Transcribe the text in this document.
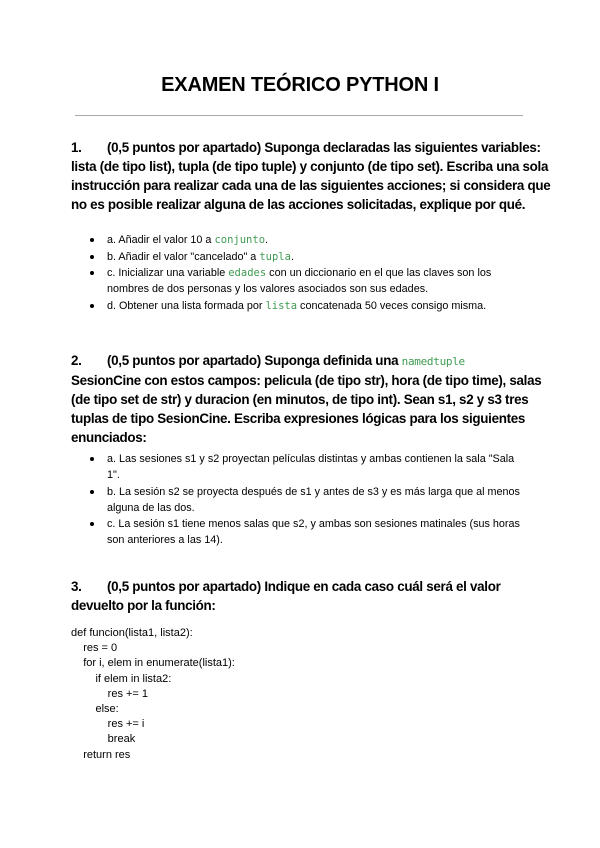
EXAMEN TEÓRICO PYTHON I
1. (0,5 puntos por apartado) Suponga declaradas las siguientes variables:
lista (de tipo list), tupla (de tipo tuple) y conjunto (de tipo set). Escriba una sola
instrucción para realizar cada una de las siguientes acciones; si considera que
no es posible realizar alguna de las acciones solicitadas, explique por qué.
a. Añadir el valor 10 a conjunto.
b. Añadir el valor "cancelado" a tupla.
c. Inicializar una variable edades con un diccionario en el que las claves son los nombres de dos personas y los valores asociados son sus edades.
d. Obtener una lista formada por lista concatenada 50 veces consigo misma.
2. (0,5 puntos por apartado) Suponga definida una namedtuple
SesionCine con estos campos: pelicula (de tipo str), hora (de tipo time), salas
(de tipo set de str) y duracion (en minutos, de tipo int). Sean s1, s2 y s3 tres
tuplas de tipo SesionCine. Escriba expresiones lógicas para los siguientes
enunciados:
a. Las sesiones s1 y s2 proyectan películas distintas y ambas contienen la sala "Sala 1".
b. La sesión s2 se proyecta después de s1 y antes de s3 y es más larga que al menos alguna de las dos.
c. La sesión s1 tiene menos salas que s2, y ambas son sesiones matinales (sus horas son anteriores a las 14).
3. (0,5 puntos por apartado) Indique en cada caso cuál será el valor
devuelto por la función:
def funcion(lista1, lista2):
res = 0
for i, elem in enumerate(lista1):
if elem in lista2:
res += 1
else:
res += i
break
return res
